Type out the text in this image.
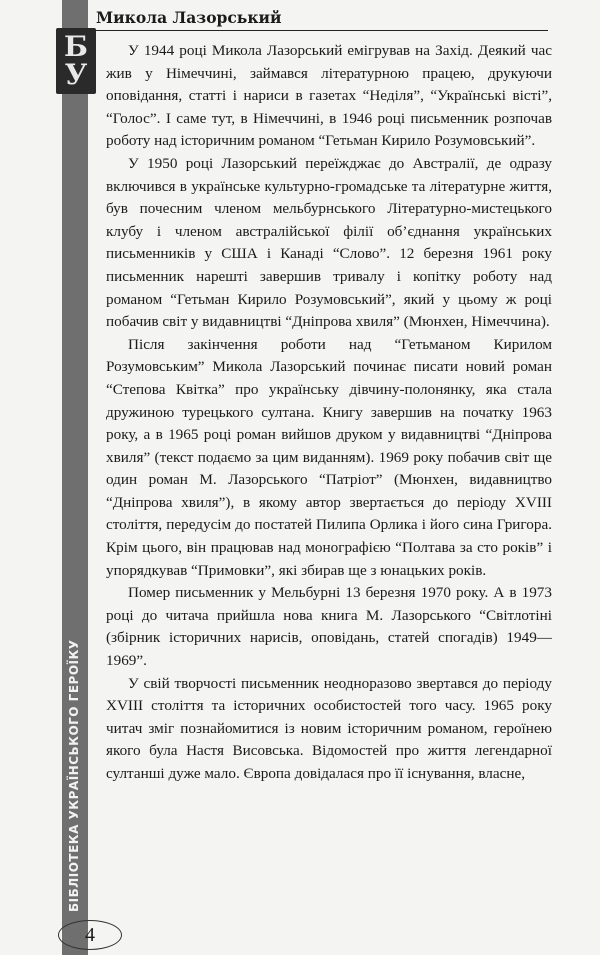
Б
У
БІБЛІОТЕКА УКРАЇНСЬКОГО ГЕРОЇКУ
Микола Лазорський

У 1944 році Микола Лазорський емігрував на Захід. Деякий час жив у Німеччині, займався літературною працею, друкуючи оповідання, статті і нариси в газетах “Неділя”, “Українські вісті”, “Голос”. І саме тут, в Німеччині, в 1946 році письменник розпочав роботу над історичним романом “Гетьман Кирило Розумовський”.

У 1950 році Лазорський переїжджає до Австралії, де одразу включився в українське культурно-громадське та літературне життя, був почесним членом мельбурнського Літературно-мистецького клубу і членом австралійської філії об’єднання українських письменників у США і Канаді “Слово”. 12 березня 1961 року письменник нарешті завершив тривалу і копітку роботу над романом “Гетьман Кирило Розумовський”, який у цьому ж році побачив світ у видавництві “Дніпрова хвиля” (Мюнхен, Німеччина).

Після закінчення роботи над “Гетьманом Кирилом Розумовським” Микола Лазорський починає писати новий роман “Степова Квітка” про українську дівчину-полонянку, яка стала дружиною турецького султана. Книгу завершив на початку 1963 року, а в 1965 році роман вийшов друком у видавництві “Дніпрова хвиля” (текст подаємо за цим виданням). 1969 року побачив світ ще один роман М. Лазорського “Патріот” (Мюнхен, видавництво “Дніпрова хвиля”), в якому автор звертається до періоду XVIII століття, передусім до постатей Пилипа Орлика і його сина Григора. Крім цього, він працював над монографією “Полтава за сто років” і упорядкував “Примовки”, які збирав ще з юнацьких років.

Помер письменник у Мельбурні 13 березня 1970 року. А в 1973 році до читача прийшла нова книга М. Лазорського “Світлотіні (збірник історичних нарисів, оповідань, статей спогадів) 1949—1969”.

У свій творчості письменник неодноразово звертався до періоду XVIII століття та історичних особистостей того часу. 1965 року читач зміг познайомитися із новим історичним романом, героїнею якого була Настя Висовська. Відомостей про життя легендарної султанші дуже мало. Європа довідалася про її існування, власне,

4
